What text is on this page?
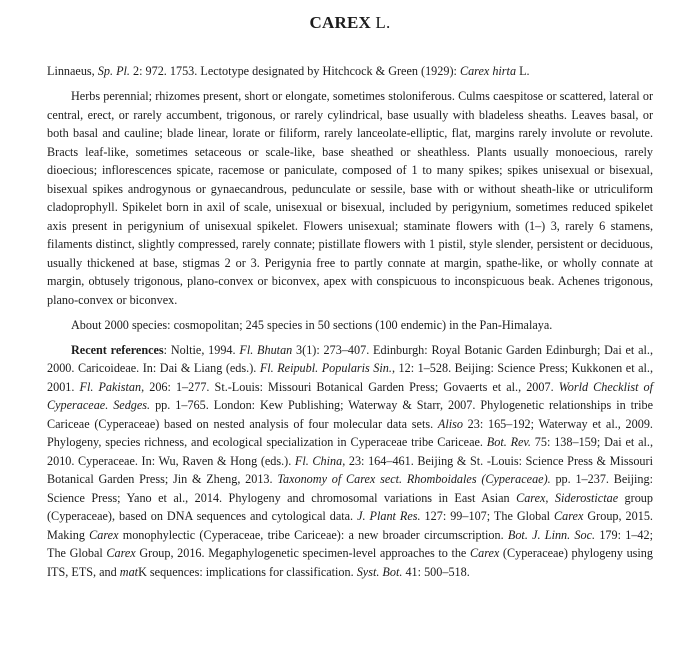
CAREX L.

Linnaeus, Sp. Pl. 2: 972. 1753. Lectotype designated by Hitchcock & Green (1929): Carex hirta L.

Herbs perennial; rhizomes present, short or elongate, sometimes stoloniferous. Culms caespitose or scattered, lateral or central, erect, or rarely accumbent, trigonous, or rarely cylindrical, base usually with bladeless sheaths. Leaves basal, or both basal and cauline; blade linear, lorate or filiform, rarely lanceolate-elliptic, flat, margins rarely involute or revolute. Bracts leaf-like, sometimes setaceous or scale-like, base sheathed or sheathless. Plants usually monoecious, rarely dioecious; inflorescences spicate, racemose or paniculate, composed of 1 to many spikes; spikes unisexual or bisexual, bisexual spikes androgynous or gynaecandrous, pedunculate or sessile, base with or without sheath-like or utriculiform cladoprophyll. Spikelet born in axil of scale, unisexual or bisexual, included by perigynium, sometimes reduced spikelet axis present in perigynium of unisexual spikelet. Flowers unisexual; staminate flowers with (1–) 3, rarely 6 stamens, filaments distinct, slightly compressed, rarely connate; pistillate flowers with 1 pistil, style slender, persistent or deciduous, usually thickened at base, stigmas 2 or 3. Perigynia free to partly connate at margin, spathe-like, or wholly connate at margin, obtusely trigonous, plano-convex or biconvex, apex with conspicuous to inconspicuous beak. Achenes trigonous, plano-convex or biconvex.

About 2000 species: cosmopolitan; 245 species in 50 sections (100 endemic) in the Pan-Himalaya.

Recent references: Noltie, 1994. Fl. Bhutan 3(1): 273–407. Edinburgh: Royal Botanic Garden Edinburgh; Dai et al., 2000. Caricoideae. In: Dai & Liang (eds.). Fl. Reipubl. Popularis Sin., 12: 1–528. Beijing: Science Press; Kukkonen et al., 2001. Fl. Pakistan, 206: 1–277. St.-Louis: Missouri Botanical Garden Press; Govaerts et al., 2007. World Checklist of Cyperaceae. Sedges. pp. 1–765. London: Kew Publishing; Waterway & Starr, 2007. Phylogenetic relationships in tribe Cariceae (Cyperaceae) based on nested analysis of four molecular data sets. Aliso 23: 165–192; Waterway et al., 2009. Phylogeny, species richness, and ecological specialization in Cyperaceae tribe Cariceae. Bot. Rev. 75: 138–159; Dai et al., 2010. Cyperaceae. In: Wu, Raven & Hong (eds.). Fl. China, 23: 164–461. Beijing & St. -Louis: Science Press & Missouri Botanical Garden Press; Jin & Zheng, 2013. Taxonomy of Carex sect. Rhomboidales (Cyperaceae). pp. 1–237. Beijing: Science Press; Yano et al., 2014. Phylogeny and chromosomal variations in East Asian Carex, Siderostictae group (Cyperaceae), based on DNA sequences and cytological data. J. Plant Res. 127: 99–107; The Global Carex Group, 2015. Making Carex monophylectic (Cyperaceae, tribe Cariceae): a new broader circumscription. Bot. J. Linn. Soc. 179: 1–42; The Global Carex Group, 2016. Megaphylogenetic specimen-level approaches to the Carex (Cyperaceae) phylogeny using ITS, ETS, and matK sequences: implications for classification. Syst. Bot. 41: 500–518.
